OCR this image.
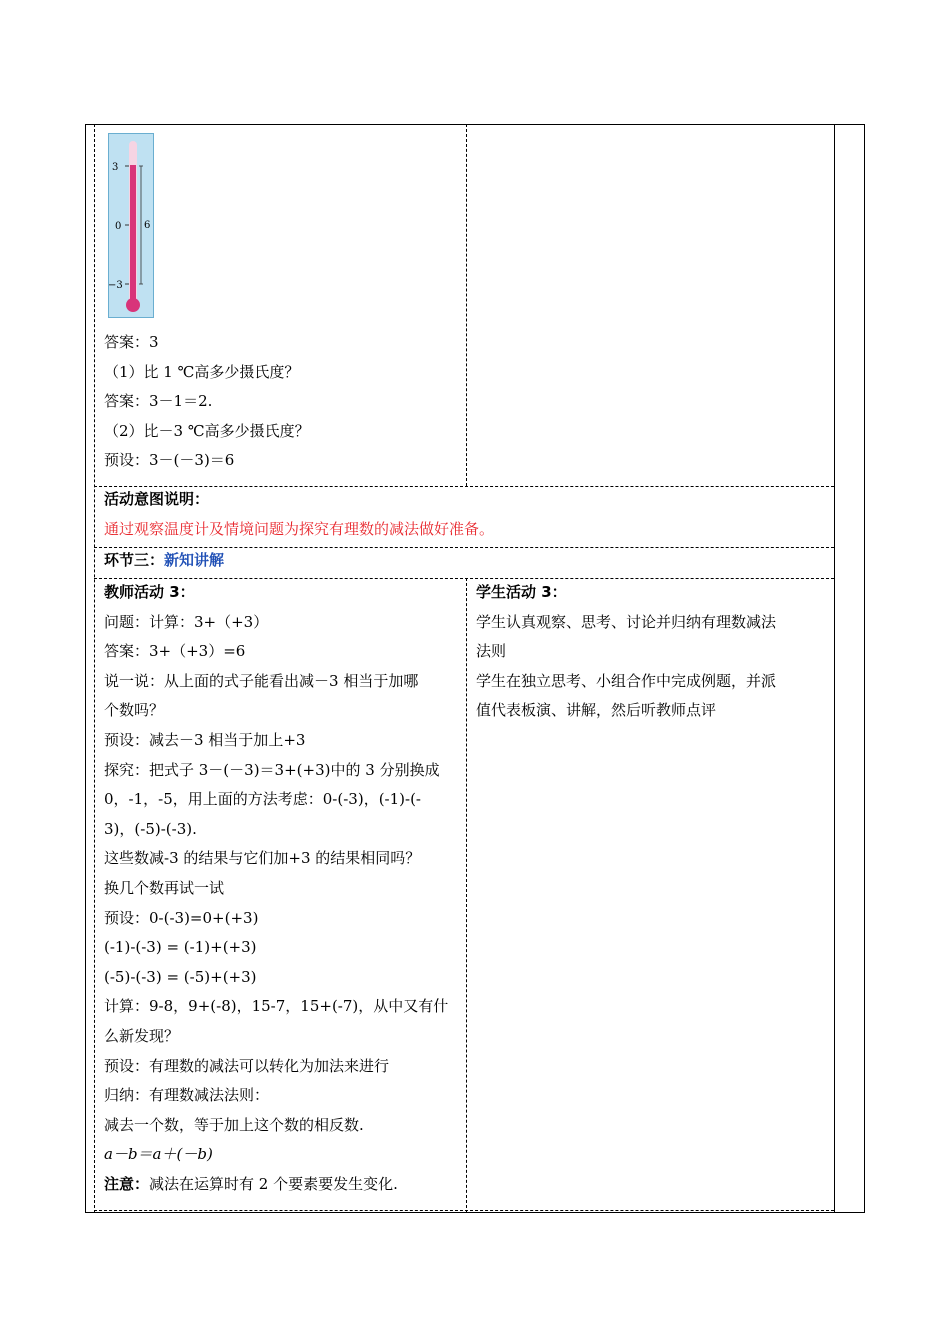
3
0
−3
6

答案：3

（1）比 1 ℃高多少摄氏度？

答案：3－1＝2.

（2）比－3 ℃高多少摄氏度？

预设：3－(－3)＝6

活动意图说明：

通过观察温度计及情境问题为探究有理数的减法做好准备。

环节三：新知讲解

教师活动 3：

问题：计算：3+（+3）

答案：3+（+3）=6

说一说：从上面的式子能看出减－3 相当于加哪

个数吗？

预设：减去－3 相当于加上+3

探究：把式子 3－(－3)＝3+(+3)中的 3 分别换成

0，-1，-5，用上面的方法考虑：0-(-3)，(-1)-(-

3)，(-5)-(-3).

这些数减-3 的结果与它们加+3 的结果相同吗？

换几个数再试一试

预设：0-(-3)=0+(+3)

(-1)-(-3) = (-1)+(+3)

(-5)-(-3) = (-5)+(+3)

计算：9-8，9+(-8)，15-7，15+(-7)，从中又有什

么新发现？

预设：有理数的减法可以转化为加法来进行

归纳：有理数减法法则：

减去一个数，等于加上这个数的相反数.

a－b＝a＋(－b)

注意：减法在运算时有 2 个要素要发生变化.

学生活动 3：

学生认真观察、思考、讨论并归纳有理数减法

法则

学生在独立思考、小组合作中完成例题，并派

值代表板演、讲解，然后听教师点评
